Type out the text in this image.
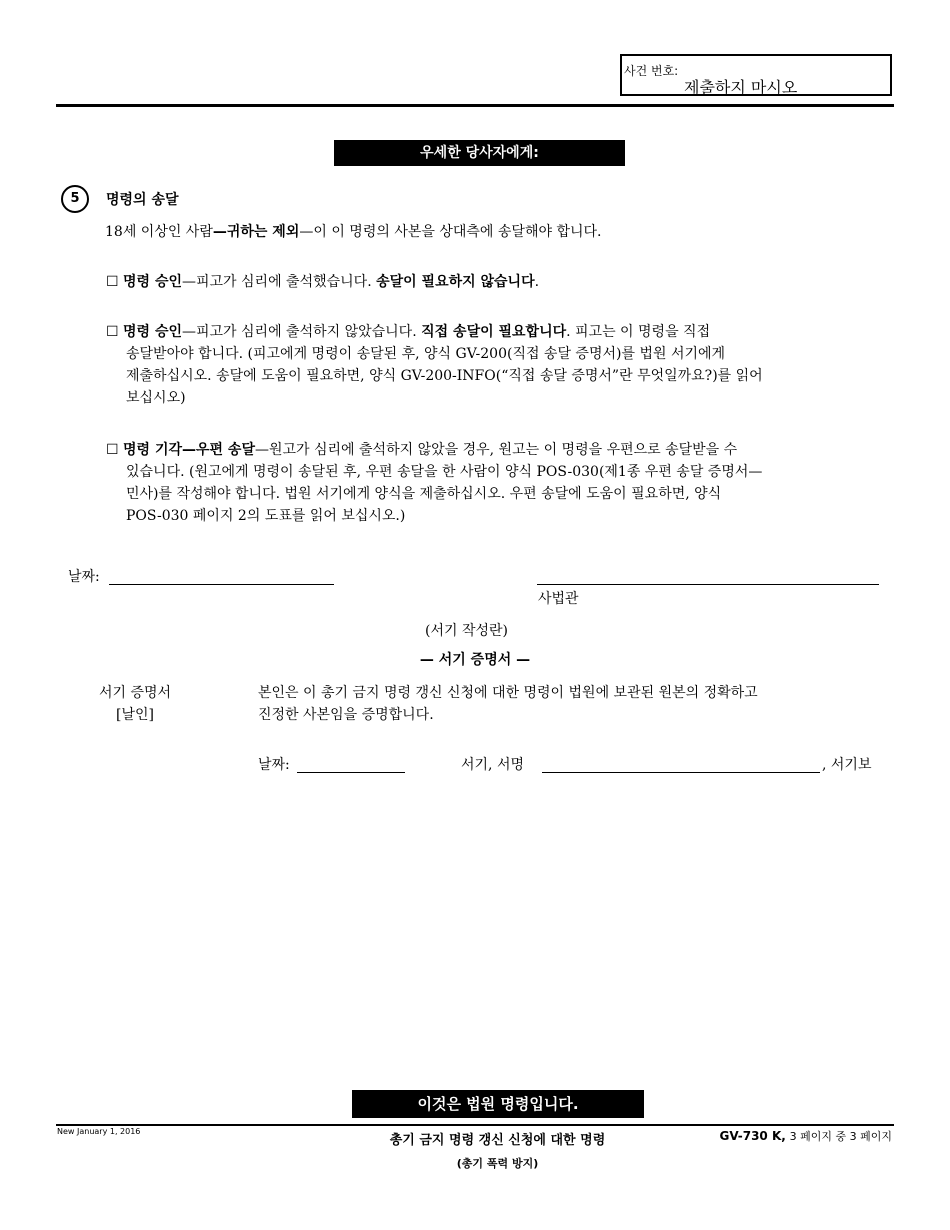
사건 번호:
제출하지 마시오
우세한 당사자에게:
5	명령의 송달
18세 이상인 사람—귀하는 제외—이 이 명령의 사본을 상대측에 송달해야 합니다.
☐ 명령 승인—피고가 심리에 출석했습니다. 송달이 필요하지 않습니다.
☐ 명령 승인—피고가 심리에 출석하지 않았습니다. 직접 송달이 필요합니다. 피고는 이 명령을 직접
송달받아야 합니다. (피고에게 명령이 송달된 후, 양식 GV-200(직접 송달 증명서)를 법원 서기에게
제출하십시오. 송달에 도움이 필요하면, 양식 GV-200-INFO(“직접 송달 증명서”란 무엇일까요?)를 읽어
보십시오)
☐ 명령 기각—우편 송달—원고가 심리에 출석하지 않았을 경우, 원고는 이 명령을 우편으로 송달받을 수
있습니다. (원고에게 명령이 송달된 후, 우편 송달을 한 사람이 양식 POS-030(제1종 우편 송달 증명서—
민사)를 작성해야 합니다. 법원 서기에게 양식을 제출하십시오. 우편 송달에 도움이 필요하면, 양식
POS-030 페이지 2의 도표를 읽어 보십시오.)
날짜:
사법관
(서기 작성란)
— 서기 증명서 —
서기 증명서
[날인]
본인은 이 총기 금지 명령 갱신 신청에 대한 명령이 법원에 보관된 원본의 정확하고
진정한 사본임을 증명합니다.
날짜:	서기, 서명	, 서기보
이것은 법원 명령입니다.
New January 1, 2016
총기 금지 명령 갱신 신청에 대한 명령
(총기 폭력 방지)
GV-730 K, 3 페이지 중 3 페이지
